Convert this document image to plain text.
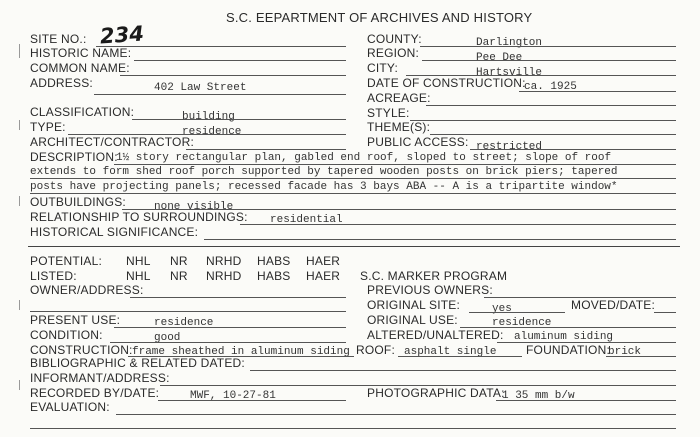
S.C. EEPARTMENT OF ARCHIVES AND HISTORY
SITE NO.: 234
HISTORIC NAME:
COMMON NAME:
ADDRESS:	402 Law Street
CLASSIFICATION:	building
TYPE:	residence
ARCHITECT/CONTRACTOR:
COUNTY:	Darlington
REGION:	Pee Dee
CITY:	Hartsville
DATE OF CONSTRUCTION:
ca. 1925
ACREAGE:
STYLE:
THEME(S):
PUBLIC ACCESS: restricted
DESCRIPTION:
1½ story rectangular plan, gabled end roof, sloped to street; slope of roof
extends to form shed roof porch supported by tapered wooden posts on brick piers; tapered
posts have projecting panels; recessed facade has 3 bays ABA -- A is a tripartite window*
OUTBUILDINGS:	none visible
RELATIONSHIP TO SURROUNDINGS: residential
HISTORICAL SIGNIFICANCE:
POTENTIAL: NHL NR NRHD HABS HAER
LISTED:	NHL NR NRHD HABS HAER S.C. MARKER PROGRAM
OWNER/ADDRESS:	PREVIOUS OWNERS:
ORIGINAL SITE:	yes	MOVED/DATE:
PRESENT USE:	residence	ORIGINAL USE:	residence
CONDITION:	good	ALTERED/UNALTERED: aluminum siding
CONSTRUCTION: frame sheathed in aluminum siding ROOF: asphalt single FOUNDATION:
brick
BIBLIOGRAPHIC & RELATED DATED:
INFORMANT/ADDRESS:
RECORDED BY/DATE:	MWF, 10-27-81	PHOTOGRAPHIC DATA:
1 35 mm b/w
EVALUATION:
